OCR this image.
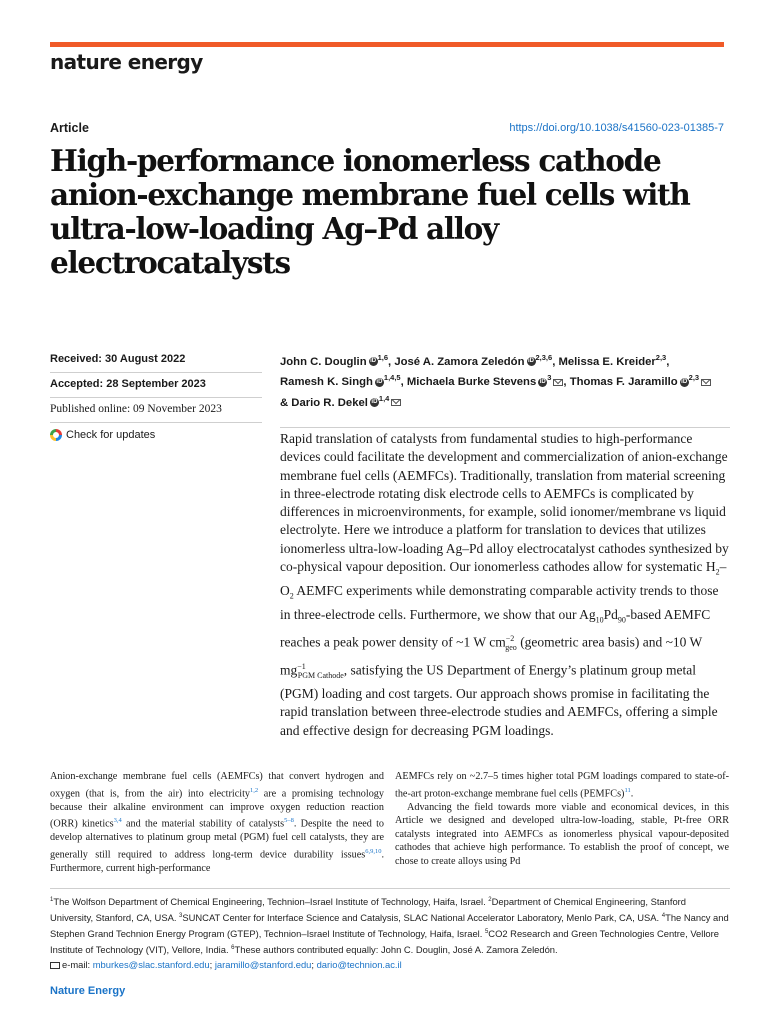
nature energy
Article	https://doi.org/10.1038/s41560-023-01385-7
High-performance ionomerless cathode anion-exchange membrane fuel cells with ultra-low-loading Ag–Pd alloy electrocatalysts
Received: 30 August 2022
Accepted: 28 September 2023
Published online: 09 November 2023
Check for updates
John C. Douglin iD $^{1,6}$, José A. Zamora Zeledón iD $^{2,3,6}$, Melissa E. Kreider$^{2,3}$,
Ramesh K. Singh iD $^{1,4,5}$, Michaela Burke Stevens iD $^3$ , Thomas F. Jaramillo iD $^{2,3}$
& Dario R. Dekel iD $^{1,4}$
Rapid translation of catalysts from fundamental studies to high-performance devices could facilitate the development and commercialization of anion-exchange membrane fuel cells (AEMFCs). Traditionally, translation from material screening in three-electrode rotating disk electrode cells to AEMFCs is complicated by differences in microenvironments, for example, solid ionomer/membrane vs liquid electrolyte. Here we introduce a platform for translation to devices that utilizes ionomerless ultra-low-loading Ag–Pd alloy electrocatalyst cathodes synthesized by co-physical vapour deposition. Our ionomerless cathodes allow for systematic $H_2-O_2$ AEMFC experiments while demonstrating comparable activity trends to those in three-electrode cells. Furthermore, we show that our $Ag_{10}Pd_{90}$-based AEMFC reaches a peak power density of ~1 W $cm^{-2}_{geo}$ (geometric area basis) and ~10 W $mg^{-1}_{PGM Cathode}$, satisfying the US Department of Energy’s platinum group metal (PGM) loading and cost targets. Our approach shows promise in facilitating the rapid translation between three-electrode studies and AEMFCs, offering a simple and effective design for decreasing PGM loadings.
Anion-exchange membrane fuel cells (AEMFCs) that convert hydrogen and oxygen (that is, from the air) into electricity$^{1,2}$ are a promising technology because their alkaline environment can improve oxygen reduction reaction (ORR) kinetics$^{3,4}$ and the material stability of catalysts$^{5-8}$. Despite the need to develop alternatives to platinum group metal (PGM) fuel cell catalysts, they are generally still required to address long-term device durability issues$^{6,9,10}$. Furthermore, current high-performance
AEMFCs rely on ~2.7–5 times higher total PGM loadings compared to state-of-the-art proton-exchange membrane fuel cells (PEMFCs)$^{11}$.
Advancing the field towards more viable and economical devices, in this Article we designed and developed ultra-low-loading, stable, Pt-free ORR catalysts integrated into AEMFCs as ionomerless physical vapour-deposited cathodes that achieve high performance. To establish the proof of concept, we chose to create alloys using Pd
$^1$The Wolfson Department of Chemical Engineering, Technion–Israel Institute of Technology, Haifa, Israel. $^2$Department of Chemical Engineering, Stanford University, Stanford, CA, USA. $^3$SUNCAT Center for Interface Science and Catalysis, SLAC National Accelerator Laboratory, Menlo Park, CA, USA. $^4$The Nancy and Stephen Grand Technion Energy Program (GTEP), Technion–Israel Institute of Technology, Haifa, Israel. $^5$CO2 Research and Green Technologies Centre, Vellore Institute of Technology (VIT), Vellore, India. $^6$These authors contributed equally: John C. Douglin, José A. Zamora Zeledón.
e-mail: mburkes@slac.stanford.edu; jaramillo@stanford.edu; dario@technion.ac.il
Nature Energy
